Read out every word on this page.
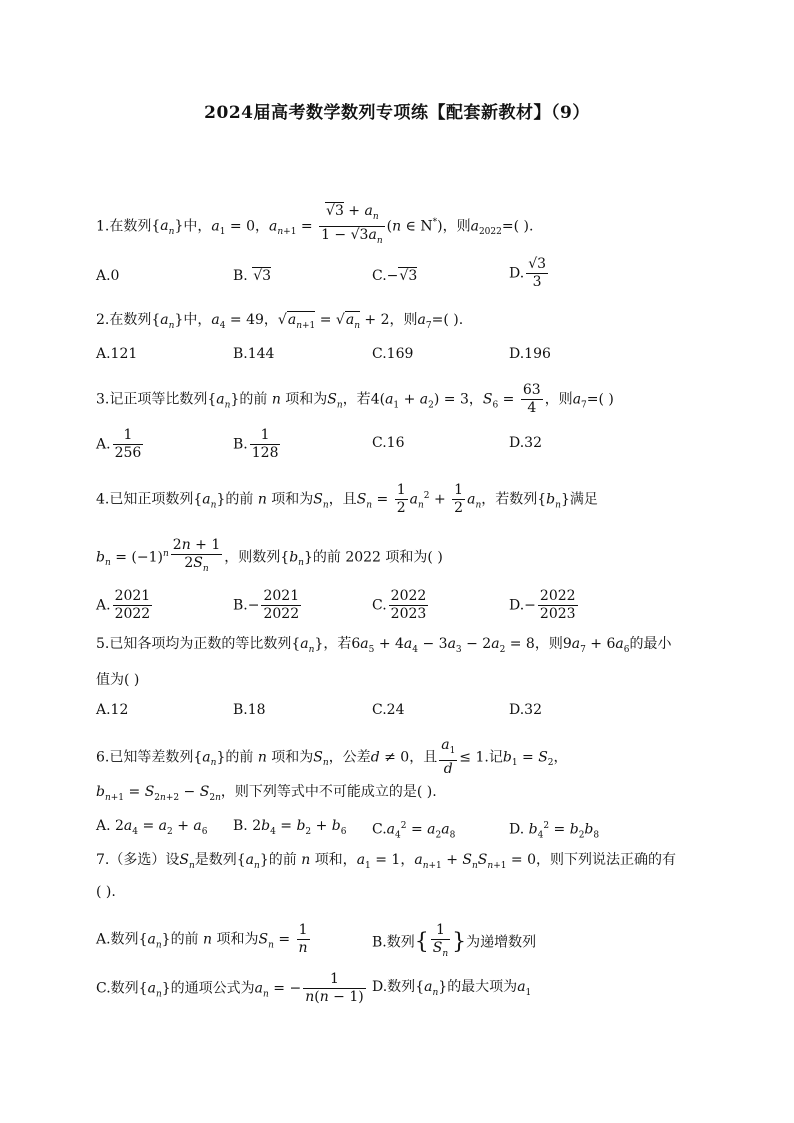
2024届高考数学数列专项练【配套新教材】（9）
1.在数列$\{a_n\}$中，$a_1 = 0$，$a_{n+1} = \frac{√3 + a_n}{1 - √3a_n} (n$ ∈ N*)，则$a_{2022}=$( ).
A.0	B. √3	C.−√3	D. $\frac{√3}{3}$
2.在数列$\{a_n\}$中，$a_4 = 49$，$√a_{n+1} = √a_n + 2$，则$a_7=$( ).
A.121	B.144	C.169	D.196
3.记正项等比数列$\{a_n\}$的前 n 项和为$S_n$，若$4(a_1 + a_2) = 3$，$S_6 = \frac{63}{4}$ ，则$a_7=$( )
A. $\frac{1}{256}$	B. $\frac{1}{128}$	C.16	D.32
4.已知正项数列$\{a_n\}$的前 n 项和为$S_n$，且$S_n = \frac{1}{2} a_n^2 + \frac{1}{2} a_n$，若数列$\{b_n\}$满足
$b_n = (-1)^n \frac{2n + 1}{2S_n}$ ，则数列$\{b_n\}$的前 2022 项和为( )
A. $\frac{2021}{2022}$	$B.- \frac{2021}{2022}$	C. $\frac{2022}{2023}$	$D.- \frac{2022}{2023}$
5.已知各项均为正数的等比数列$\{a_n\}$，若$6a_5 + 4a_4 - 3a_3 - 2a_2 = 8$，则$9a_7 + 6a_6$的最小
值为( )
A.12	B.18	C.24	D.32
6.已知等差数列$\{a_n\}$的前 n 项和为$S_n$，公差d ≠ 0，且 $\frac{a_1}{d} \le 1$.记$b_1 = S_2$，
$b_{n+1} = S_{2n+2} - S_{2n}$，则下列等式中不可能成立的是( ).
A. $2a_4 = a_2 + a_6$ B. $2b_4 = b_2 + b_6$ $C.a_4^2 = a_2a_8$	D. $b_4^2 = b_2b_8$
7.（多选）设$S_n$是数列$\{a_n\}$的前 n 项和，$a_1 = 1$，$a_{n+1} + S_nS_{n+1} = 0$，则下列说法正确的有
( ).
A.数列$\{a_n\}$的前 n 项和为$S_n = \frac{1}{n}$	B.数列{ $\frac{1}{S_n}$ }为递增数列
C.数列$\{a_n\}$的通项公式为$a_n$ = − $\frac{1}{n(n - 1)} D$.数列$\{a_n\}$的最大项为$a_1$
